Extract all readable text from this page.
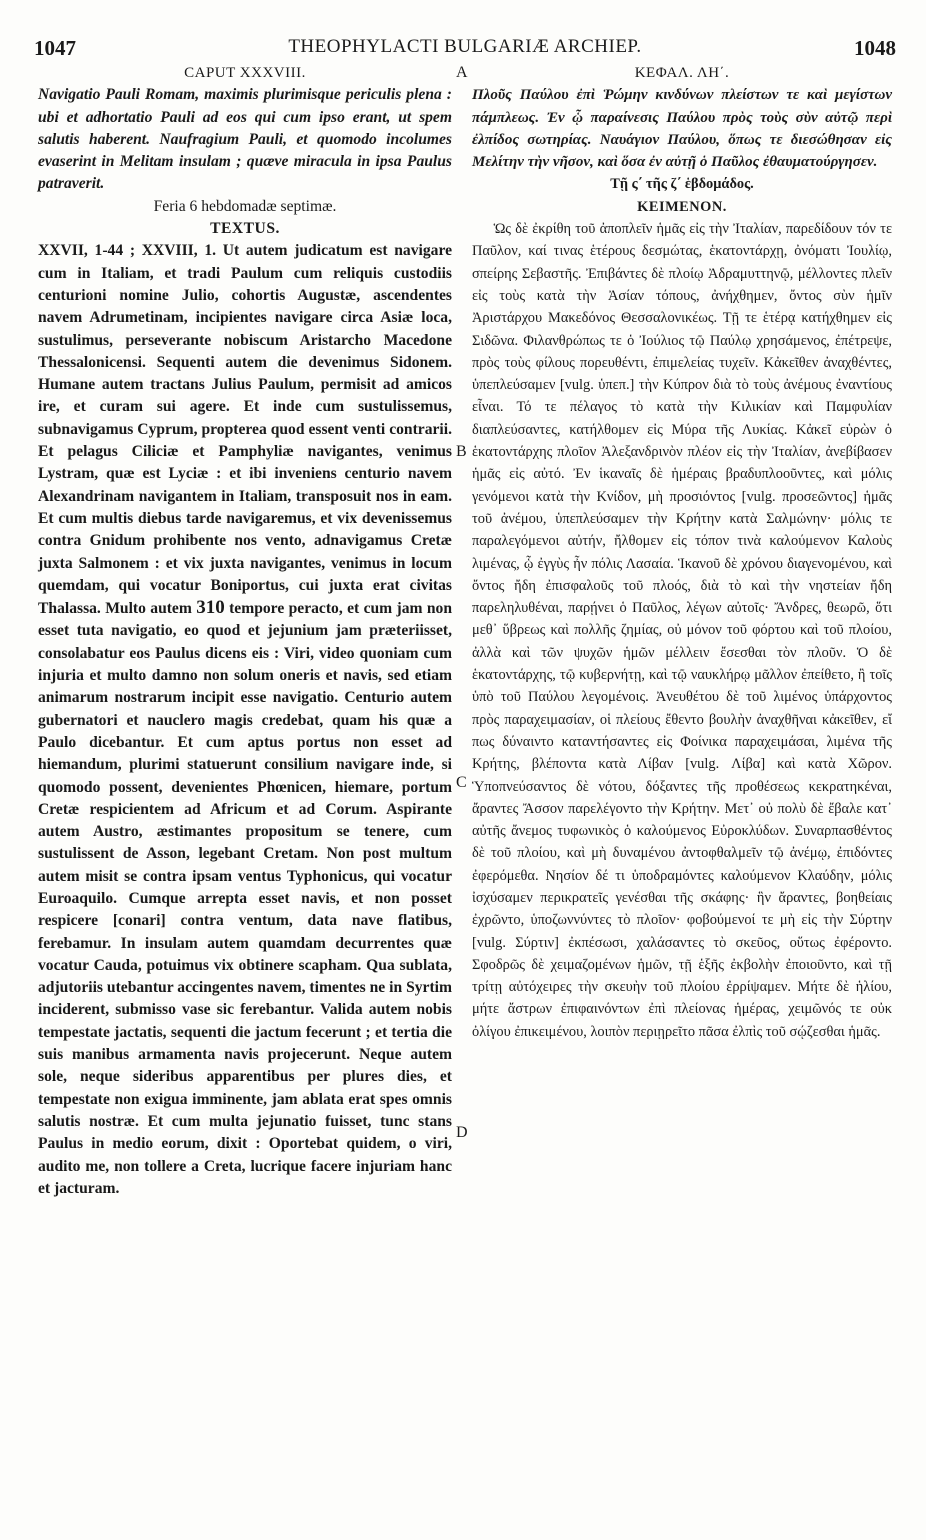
1047	THEOPHYLACTI BULGARIÆ ARCHIEP.	1048
A
B
C
D
CAPUT XXXVIII.

Navigatio Pauli Romam, maximis plurimisque periculis plena : ubi et adhortatio Pauli ad eos qui cum ipso erant, ut spem salutis haberent. Naufragium Pauli, et quomodo incolumes evaserint in Melitam insulam ; quæve miracula in ipsa Paulus patraverit.

Feria 6 hebdomadæ septimæ.
TEXTUS.

XXVII, 1-44 ; XXVIII, 1. Ut autem judicatum est navigare cum in Italiam, et tradi Paulum cum reliquis custodiis centurioni nomine Julio, cohortis Augustæ, ascendentes navem Adrumetinam, incipientes navigare circa Asiæ loca, sustulimus, perseverante nobiscum Aristarcho Macedone Thessalonicensi. Sequenti autem die devenimus Sidonem. Humane autem tractans Julius Paulum, permisit ad amicos ire, et curam sui agere. Et inde cum sustulissemus, subnavigamus Cyprum, propterea quod essent venti contrarii. Et pelagus Ciliciæ et Pamphyliæ navigantes, venimus Lystram, quæ est Lyciæ : et ibi inveniens centurio navem Alexandrinam navigantem in Italiam, transposuit nos in eam. Et cum multis diebus tarde navigaremus, et vix devenissemus contra Gnidum prohibente nos vento, adnavigamus Cretæ juxta Salmonem : et vix juxta navigantes, venimus in locum quemdam, qui vocatur Boniportus, cui juxta erat civitas Thalassa. Multo autem 310 tempore peracto, et cum jam non esset tuta navigatio, eo quod et jejunium jam præteriisset, consolabatur eos Paulus dicens eis : Viri, video quoniam cum injuria et multo damno non solum oneris et navis, sed etiam animarum nostrarum incipit esse navigatio. Centurio autem gubernatori et nauclero magis credebat, quam his quæ a Paulo dicebantur. Et cum aptus portus non esset ad hiemandum, plurimi statuerunt consilium navigare inde, si quomodo possent, devenientes Phœnicen, hiemare, portum Cretæ respicientem ad Africum et ad Corum. Aspirante autem Austro, æstimantes propositum se tenere, cum sustulissent de Asson, legebant Cretam. Non post multum autem misit se contra ipsam ventus Typhonicus, qui vocatur Euroaquilo. Cumque arrepta esset navis, et non posset respicere [conari] contra ventum, data nave flatibus, ferebamur. In insulam autem quamdam decurrentes quæ vocatur Cauda, potuimus vix obtinere scapham. Qua sublata, adjutoriis utebantur accingentes navem, timentes ne in Syrtim inciderent, submisso vase sic ferebantur. Valida autem nobis tempestate jactatis, sequenti die jactum fecerunt ; et tertia die suis manibus armamenta navis projecerunt. Neque autem sole, neque sideribus apparentibus per plures dies, et tempestate non exigua imminente, jam ablata erat spes omnis salutis nostræ. Et cum multa jejunatio fuisset, tunc stans Paulus in medio eorum, dixit : Oportebat quidem, o viri, audito me, non tollere a Creta, lucrique facere injuriam hanc et jacturam.

ΚΕΦΑΛ. ΛΗ΄.

Πλοῦς Παύλου ἐπὶ Ῥώμην κινδύνων πλείστων τε καὶ μεγίστων πάμπλεως. Ἐν ᾧ παραίνεσις Παύλου πρὸς τοὺς σὺν αὐτῷ περὶ ἐλπίδος σωτηρίας. Ναυάγιον Παύλου, ὅπως τε διεσώθησαν εἰς Μελίτην τὴν νῆσον, καὶ ὅσα ἐν αὐτῇ ὁ Παῦλος ἐθαυματούργησεν.

Τῇ ς΄ τῆς ζ΄ ἑβδομάδος.
ΚΕΙΜΕΝΟΝ.

Ὡς δὲ ἐκρίθη τοῦ ἀποπλεῖν ἡμᾶς εἰς τὴν Ἰταλίαν, παρεδίδουν τόν τε Παῦλον, καί τινας ἑτέρους δεσμώτας, ἑκατοντάρχῃ, ὀνόματι Ἰουλίῳ, σπείρης Σεβαστῆς. Ἐπιβάντες δὲ πλοίῳ Ἀδραμυττηνῷ, μέλλοντες πλεῖν εἰς τοὺς κατὰ τὴν Ἀσίαν τόπους, ἀνήχθημεν, ὄντος σὺν ἡμῖν Ἀριστάρχου Μακεδόνος Θεσσαλονικέως. Τῇ τε ἑτέρᾳ κατήχθημεν εἰς Σιδῶνα. Φιλανθρώπως τε ὁ Ἰούλιος τῷ Παύλῳ χρησάμενος, ἐπέτρεψε, πρὸς τοὺς φίλους πορευθέντι, ἐπιμελείας τυχεῖν. Κἀκεῖθεν ἀναχθέντες, ὑπεπλεύσαμεν [vulg. ὑπεπ.] τὴν Κύπρον διὰ τὸ τοὺς ἀνέμους ἐναντίους εἶναι. Τό τε πέλαγος τὸ κατὰ τὴν Κιλικίαν καὶ Παμφυλίαν διαπλεύσαντες, κατήλθομεν εἰς Μύρα τῆς Λυκίας. Κἀκεῖ εὑρὼν ὁ ἑκατοντάρχης πλοῖον Ἀλεξανδρινὸν πλέον εἰς τὴν Ἰταλίαν, ἀνεβίβασεν ἡμᾶς εἰς αὐτό. Ἐν ἱκαναῖς δὲ ἡμέραις βραδυπλοοῦντες, καὶ μόλις γενόμενοι κατὰ τὴν Κνίδον, μὴ προσιόντος [vulg. προσεῶντος] ἡμᾶς τοῦ ἀνέμου, ὑπεπλεύσαμεν τὴν Κρήτην κατὰ Σαλμώνην· μόλις τε παραλεγόμενοι αὐτήν, ἤλθομεν εἰς τόπον τινὰ καλούμενον Καλοὺς λιμένας, ᾧ ἐγγὺς ἦν πόλις Λασαία. Ἱκανοῦ δὲ χρόνου διαγενομένου, καὶ ὄντος ἤδη ἐπισφαλοῦς τοῦ πλοός, διὰ τὸ καὶ τὴν νηστείαν ἤδη παρεληλυθέναι, παρῄνει ὁ Παῦλος, λέγων αὐτοῖς· Ἄνδρες, θεωρῶ, ὅτι μεθ᾽ ὕβρεως καὶ πολλῆς ζημίας, οὐ μόνον τοῦ φόρτου καὶ τοῦ πλοίου, ἀλλὰ καὶ τῶν ψυχῶν ἡμῶν μέλλειν ἔσεσθαι τὸν πλοῦν. Ὁ δὲ ἑκατοντάρχης, τῷ κυβερνήτῃ, καὶ τῷ ναυκλήρῳ μᾶλλον ἐπείθετο, ἢ τοῖς ὑπὸ τοῦ Παύλου λεγομένοις. Ἀνευθέτου δὲ τοῦ λιμένος ὑπάρχοντος πρὸς παραχειμασίαν, οἱ πλείους ἔθεντο βουλὴν ἀναχθῆναι κἀκεῖθεν, εἴ πως δύναιντο καταντήσαντες εἰς Φοίνικα παραχειμάσαι, λιμένα τῆς Κρήτης, βλέποντα κατὰ Λίβαν [vulg. Λίβα] καὶ κατὰ Χῶρον. Ὑποπνεύσαντος δὲ νότου, δόξαντες τῆς προθέσεως κεκρατηκέναι, ἄραντες Ἄσσον παρελέγοντο τὴν Κρήτην. Μετ᾽ οὐ πολὺ δὲ ἔβαλε κατ᾽ αὐτῆς ἄνεμος τυφωνικὸς ὁ καλούμενος Εὐροκλύδων. Συναρπασθέντος δὲ τοῦ πλοίου, καὶ μὴ δυναμένου ἀντοφθαλμεῖν τῷ ἀνέμῳ, ἐπιδόντες ἐφερόμεθα. Νησίον δέ τι ὑποδραμόντες καλούμενον Κλαύδην, μόλις ἰσχύσαμεν περικρατεῖς γενέσθαι τῆς σκάφης· ἣν ἄραντες, βοηθείαις ἐχρῶντο, ὑποζωννύντες τὸ πλοῖον· φοβούμενοί τε μὴ εἰς τὴν Σύρτην [vulg. Σύρτιν] ἐκπέσωσι, χαλάσαντες τὸ σκεῦος, οὕτως ἐφέροντο. Σφοδρῶς δὲ χειμαζομένων ἡμῶν, τῇ ἑξῆς ἐκβολὴν ἐποιοῦντο, καὶ τῇ τρίτῃ αὐτόχειρες τὴν σκευὴν τοῦ πλοίου ἐρρίψαμεν. Μήτε δὲ ἡλίου, μήτε ἄστρων ἐπιφαινόντων ἐπὶ πλείονας ἡμέρας, χειμῶνός τε οὐκ ὀλίγου ἐπικειμένου, λοιπὸν περιῃρεῖτο πᾶσα ἐλπὶς τοῦ σῴζεσθαι ἡμᾶς.
